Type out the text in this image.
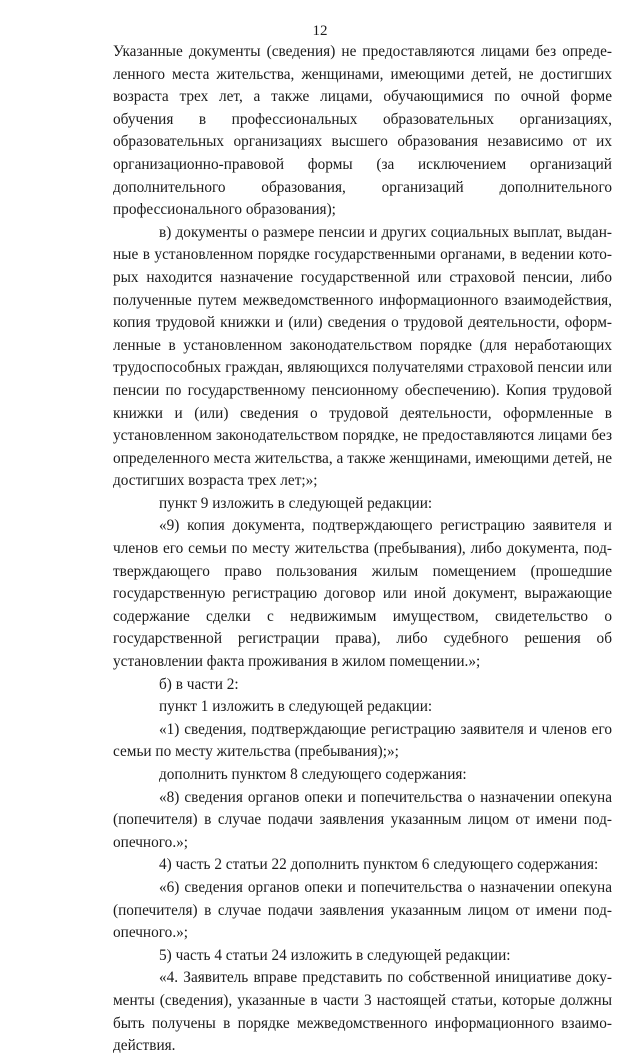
12

Указанные документы (сведения) не предоставляются лицами без определенного места жительства, женщинами, имеющими детей, не достигших возраста трех лет, а также лицами, обучающимися по очной форме обучения в профессиональных образовательных организациях, образовательных организациях высшего образования независимо от их организационно-правовой формы (за исключением организаций дополнительного образования, организаций дополнительного профессионального образования);

в) документы о размере пенсии и других социальных выплат, выданные в установленном порядке государственными органами, в ведении которых находится назначение государственной или страховой пенсии, либо полученные путем межведомственного информационного взаимодействия, копия трудовой книжки и (или) сведения о трудовой деятельности, оформленные в установленном законодательством порядке (для неработающих трудоспособных граждан, являющихся получателями страховой пенсии или пенсии по государственному пенсионному обеспечению). Копия трудовой книжки и (или) сведения о трудовой деятельности, оформленные в установленном законодательством порядке, не предоставляются лицами без определенного места жительства, а также женщинами, имеющими детей, не достигших возраста трех лет;»;

пункт 9 изложить в следующей редакции:

«9) копия документа, подтверждающего регистрацию заявителя и членов его семьи по месту жительства (пребывания), либо документа, подтверждающего право пользования жилым помещением (прошедшие государственную регистрацию договор или иной документ, выражающие содержание сделки с недвижимым имуществом, свидетельство о государственной регистрации права), либо судебного решения об установлении факта проживания в жилом помещении.»;

б) в части 2:

пункт 1 изложить в следующей редакции:

«1) сведения, подтверждающие регистрацию заявителя и членов его семьи по месту жительства (пребывания);»;

дополнить пунктом 8 следующего содержания:

«8) сведения органов опеки и попечительства о назначении опекуна (попечителя) в случае подачи заявления указанным лицом от имени подопечного.»;

4) часть 2 статьи 22 дополнить пунктом 6 следующего содержания:

«6) сведения органов опеки и попечительства о назначении опекуна (попечителя) в случае подачи заявления указанным лицом от имени подопечного.»;

5) часть 4 статьи 24 изложить в следующей редакции:

«4. Заявитель вправе представить по собственной инициативе документы (сведения), указанные в части 3 настоящей статьи, которые должны быть получены в порядке межведомственного информационного взаимодействия.
